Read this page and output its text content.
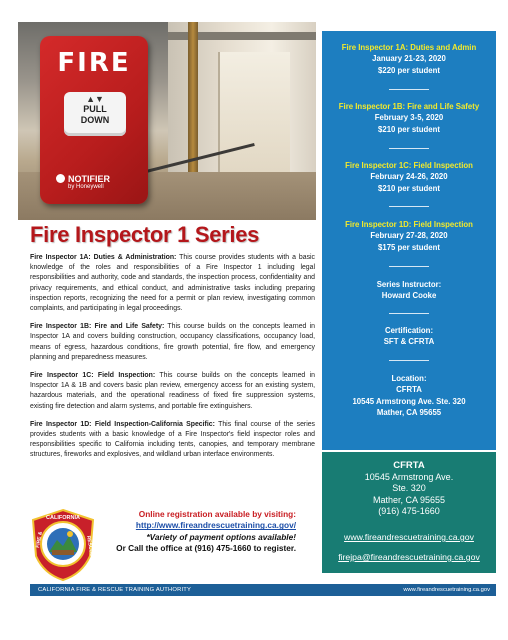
FIRE
▲▼
PULL
DOWN
NOTIFIER
by Honeywell
Fire Inspector 1 Series

Fire Inspector 1A: Duties & Administration: This course provides students with a basic knowledge of the roles and responsibilities of a Fire Inspector 1 including legal responsibilities and authority, code and standards, the inspection process, confidentiality and privacy requirements, and ethical conduct, and administrative tasks including preparing inspection reports, recognizing the need for a permit or plan review, investigating common complaints, and participating in legal proceedings.

Fire Inspector 1B: Fire and Life Safety: This course builds on the concepts learned in Inspector 1A and covers building construction, occupancy classifications, occupancy load, means of egress, hazardous conditions, fire growth potential, fire flow, and emergency planning and preparedness measures.

Fire Inspector 1C: Field Inspection: This course builds on the concepts learned in Inspector 1A & 1B and covers basic plan review, emergency access for an existing system, hazardous materials, and the operational readiness of fixed fire suppression systems, existing fire detection and alarm systems, and portable fire extinguishers.

Fire Inspector 1D: Field Inspection-California Specific: This final course of the series provides students with a basic knowledge of a Fire Inspector's field inspector roles and responsibilities specific to California including tents, canopies, and temporary membrane structures, fireworks and explosives, and wildland urban interface environments.

CALIFORNIA
FIRE &	RESCUE
Online registration available by visiting:
http://www.fireandrescuetraining.ca.gov/
*Variety of payment options available!
Or Call the office at (916) 475-1660 to register.
Fire Inspector 1A: Duties and Admin
January 21-23, 2020
$220 per student
Fire Inspector 1B: Fire and Life Safety
February 3-5, 2020
$210 per student
Fire Inspector 1C: Field Inspection
February 24-26, 2020
$210 per student
Fire Inspector 1D: Field Inspection
February 27-28, 2020
$175 per student
Series Instructor:
Howard Cooke
Certification:
SFT & CFRTA
Location:
CFRTA
10545 Armstrong Ave. Ste. 320
Mather, CA 95655
CFRTA
10545 Armstrong Ave.
Ste. 320
Mather, CA 95655
(916) 475-1660
www.fireandrescuetraining.ca.gov
firejpa@fireandrescuetraining.ca.gov
CALIFORNIA FIRE & RESCUE TRAINING AUTHORITY	www.fireandrescuetraining.ca.gov
